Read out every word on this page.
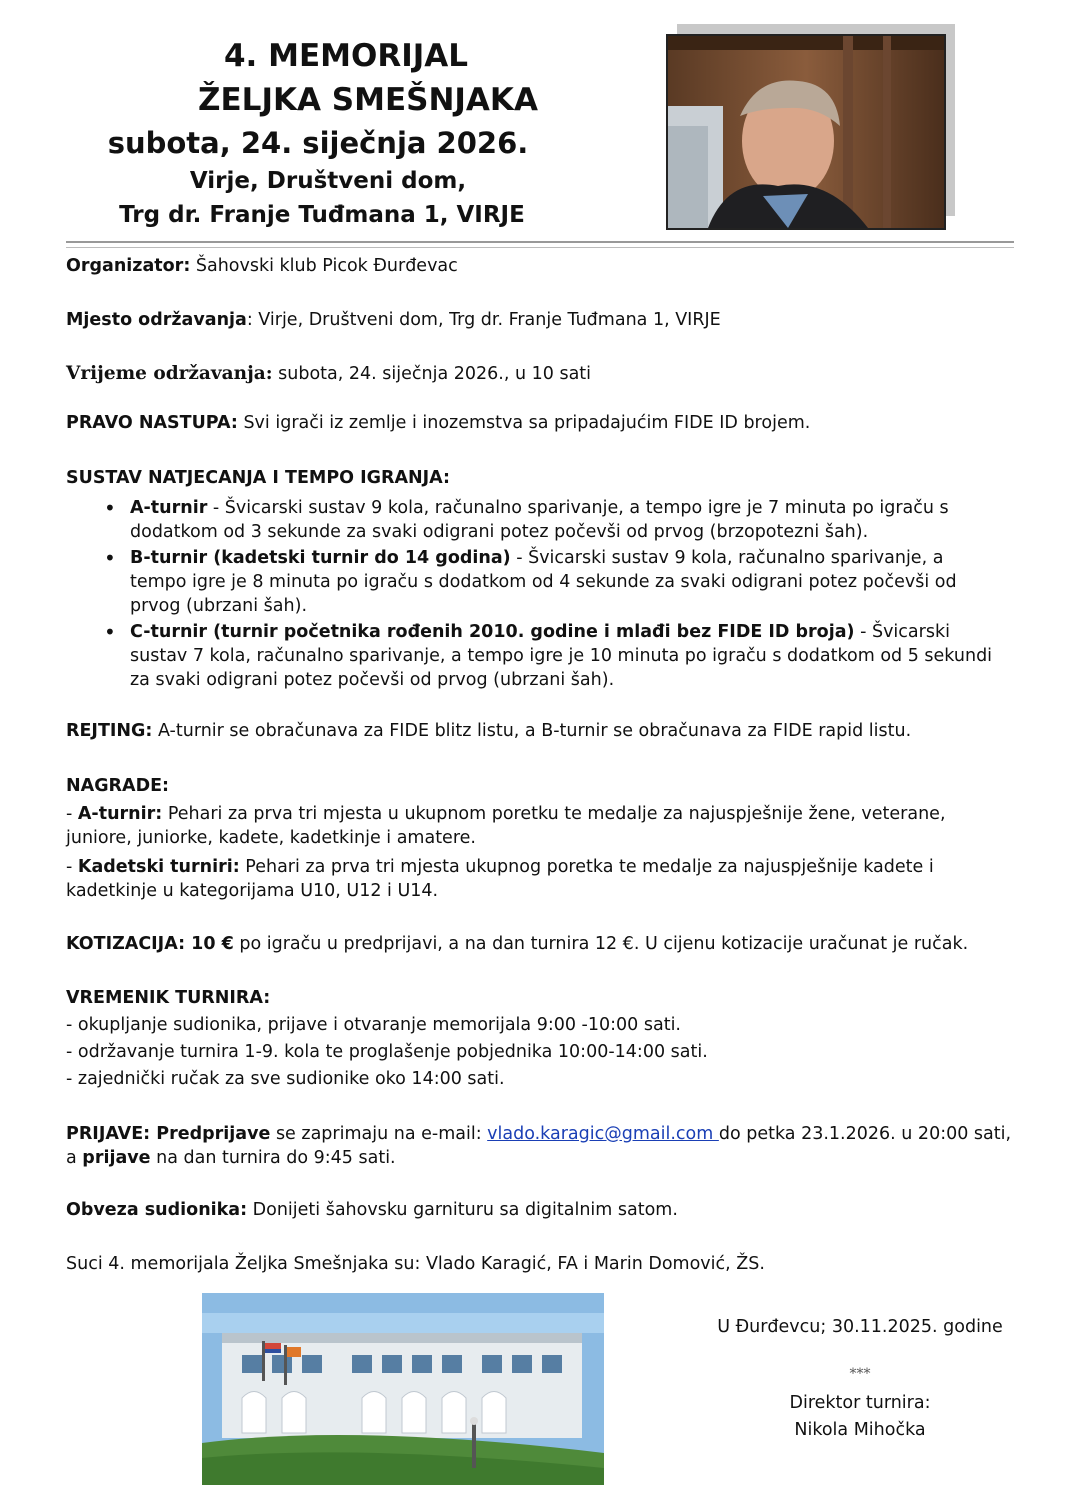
4. MEMORIJAL
ŽELJKA SMEŠNJAKA
subota, 24. siječnja 2026.
Virje, Društveni dom,
Trg dr. Franje Tuđmana 1, VIRJE
Organizator: Šahovski klub Picok Đurđevac
Mjesto održavanja: Virje, Društveni dom, Trg dr. Franje Tuđmana 1, VIRJE
Vrijeme održavanja: subota, 24. siječnja 2026., u 10 sati
PRAVO NASTUPA: Svi igrači iz zemlje i inozemstva sa pripadajućim FIDE ID brojem.
SUSTAV NATJECANJA I TEMPO IGRANJA:
• A-turnir - Švicarski sustav 9 kola, računalno sparivanje, a tempo igre je 7 minuta po igraču s dodatkom od 3 sekunde za svaki odigrani potez počevši od prvog (brzopotezni šah).
• B-turnir (kadetski turnir do 14 godina) - Švicarski sustav 9 kola, računalno sparivanje, a tempo igre je 8 minuta po igraču s dodatkom od 4 sekunde za svaki odigrani potez počevši od prvog (ubrzani šah).
• C-turnir (turnir početnika rođenih 2010. godine i mlađi bez FIDE ID broja) - Švicarski sustav 7 kola, računalno sparivanje, a tempo igre je 10 minuta po igraču s dodatkom od 5 sekundi za svaki odigrani potez počevši od prvog (ubrzani šah).
REJTING: A-turnir se obračunava za FIDE blitz listu, a B-turnir se obračunava za FIDE rapid listu.
NAGRADE:
- A-turnir: Pehari za prva tri mjesta u ukupnom poretku te medalje za najuspješnije žene, veterane, juniore, juniorke, kadete, kadetkinje i amatere.
- Kadetski turniri: Pehari za prva tri mjesta ukupnog poretka te medalje za najuspješnije kadete i kadetkinje u kategorijama U10, U12 i U14.
KOTIZACIJA: 10 € po igraču u predprijavi, a na dan turnira 12 €. U cijenu kotizacije uračunat je ručak.
VREMENIK TURNIRA:
- okupljanje sudionika, prijave i otvaranje memorijala 9:00 -10:00 sati.
- održavanje turnira 1-9. kola te proglašenje pobjednika 10:00-14:00 sati.
- zajednički ručak za sve sudionike oko 14:00 sati.
PRIJAVE: Predprijave se zaprimaju na e-mail: vlado.karagic@gmail.com do petka 23.1.2026. u 20:00 sati, a prijave na dan turnira do 9:45 sati.
Obveza sudionika: Donijeti šahovsku garnituru sa digitalnim satom.
Suci 4. memorijala Željka Smešnjaka su: Vlado Karagić, FA i Marin Domović, ŽS.
U Đurđevcu; 30.11.2025. godine
***
Direktor turnira:
Nikola Mihočka
